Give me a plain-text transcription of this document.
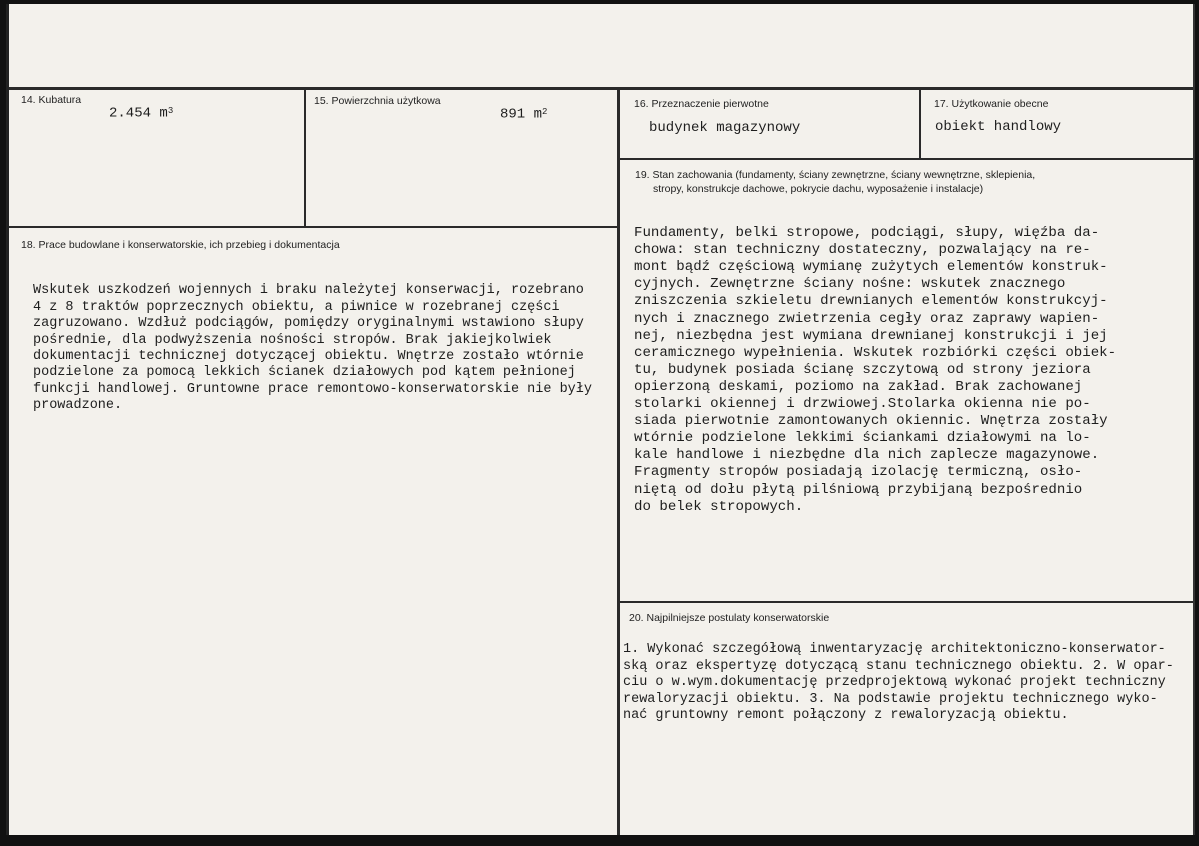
14. Kubatura
2.454 $m^3$
15. Powierzchnia użytkowa
891 $m^2$
16. Przeznaczenie pierwotne
budynek magazynowy
17. Użytkowanie obecne
obiekt handlowy
18. Prace budowlane i konserwatorskie, ich przebieg i dokumentacja

Wskutek uszkodzeń wojennych i braku należytej konserwacji, rozebrano
4 z 8 traktów poprzecznych obiektu, a piwnice w rozebranej części
zagruzowano. Wzdłuż podciągów, pomiędzy oryginalnymi wstawiono słupy
pośrednie, dla podwyższenia nośności stropów. Brak jakiejkolwiek
dokumentacji technicznej dotyczącej obiektu. Wnętrze zostało wtórnie
podzielone za pomocą lekkich ścianek działowych pod kątem pełnionej
funkcji handlowej. Gruntowne prace remontowo-konserwatorskie nie były
prowadzone.
19. Stan zachowania (fundamenty, ściany zewnętrzne, ściany wewnętrzne, sklepienia,
stropy, konstrukcje dachowe, pokrycie dachu, wyposażenie i instalacje)

Fundamenty, belki stropowe, podciągi, słupy, więźba da-
chowa: stan techniczny dostateczny, pozwalający na re-
mont bądź częściową wymianę zużytych elementów konstruk-
cyjnych. Zewnętrzne ściany nośne: wskutek znacznego
zniszczenia szkieletu drewnianych elementów konstrukcyj-
nych i znacznego zwietrzenia cegły oraz zaprawy wapien-
nej, niezbędna jest wymiana drewnianej konstrukcji i jej
ceramicznego wypełnienia. Wskutek rozbiórki części obiek-
tu, budynek posiada ścianę szczytową od strony jeziora
opierzoną deskami, poziomo na zakład. Brak zachowanej
stolarki okiennej i drzwiowej.Stolarka okienna nie po-
siada pierwotnie zamontowanych okiennic. Wnętrza zostały
wtórnie podzielone lekkimi ściankami działowymi na lo-
kale handlowe i niezbędne dla nich zaplecze magazynowe.
Fragmenty stropów posiadają izolację termiczną, osło-
niętą od dołu płytą pilśniową przybijaną bezpośrednio
do belek stropowych.
20. Najpilniejsze postulaty konserwatorskie

1. Wykonać szczegółową inwentaryzację architektoniczno-konserwator-
ską oraz ekspertyzę dotyczącą stanu technicznego obiektu. 2. W opar-
ciu o w.wym.dokumentację przedprojektową wykonać projekt techniczny
rewaloryzacji obiektu. 3. Na podstawie projektu technicznego wyko-
nać gruntowny remont połączony z rewaloryzacją obiektu.
